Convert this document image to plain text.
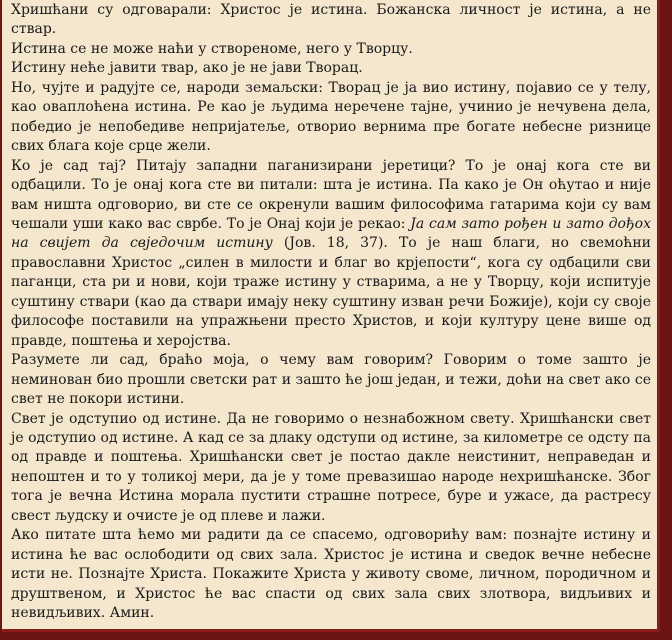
Хришћани су одговарали: Христос је истина. Божанска личност је истина, а не ствар.

Истина се не може наћи у створеноме, него у Творцу.

Истину неће јавити твар, ако је не јави Творац.

Но, чујте и радујте се, народи земаљски: Творац је ја вио истину, појавио се у телу, као оваплоћена истина. Ре као је људима неречене тајне, учинио је нечувена дела, победио је непобедиве непријатеље, отворио вернима пре богате небесне ризнице свих блага које срце жели.

Ко је сад тај? Питају западни паганизирани јеретици? То је онај кога сте ви одбацили. То је онај кога сте ви питали: шта је истина. Па како је Он оћутао и није вам ништа одговорио, ви сте се окренули вашим философима гатарима који су вам чешали уши како вас сврбе. То је Онај који је рекао: Ја сам зато рођен и зато дођох на свијет да свједочим истину (Јов. 18, 37). То је наш благи, но свемоћни православни Христос „силен в милости и благ во крјепости“, кога су одбацили сви паганци, ста ри и нови, који траже истину у стварима, а не у Творцу, који испитује суштину ствари (као да ствари имају неку суштину изван речи Божије), који су своје философе поставили на упражњени престо Христов, и који културу цене више од правде, поштења и херојства.

Разумете ли сад, браћо моја, о чему вам говорим? Говорим о томе зашто је неминован био прошли светски рат и зашто ће још један, и тежи, доћи на свет ако се свет не покори истини.

Свет је одступио од истине. Да не говоримо о незнабожном свету. Хришћански свет је одступио од истине. А кад се за длаку одступи од истине, за километре се одсту па од правде и поштења. Хришћански свет је постао дакле неистинит, неправедан и непоштен и то у толикој мери, да је у томе превазишао народе нехришћанске. Због тога је вечна Истина морала пустити страшне потресе, буре и ужасе, да растресу свест људску и очисте је од плеве и лажи.

Ако питате шта ћемо ми радити да се спасемо, одговорићу вам: познајте истину и истина ће вас ослободити од свих зала. Христос је истина и сведок вечне небесне исти не. Познајте Христа. Покажите Христа у животу своме, личном, породичном и друштвеном, и Христос ће вас спасти од свих зала свих злотвора, видљивих и невидљивих. Амин.
